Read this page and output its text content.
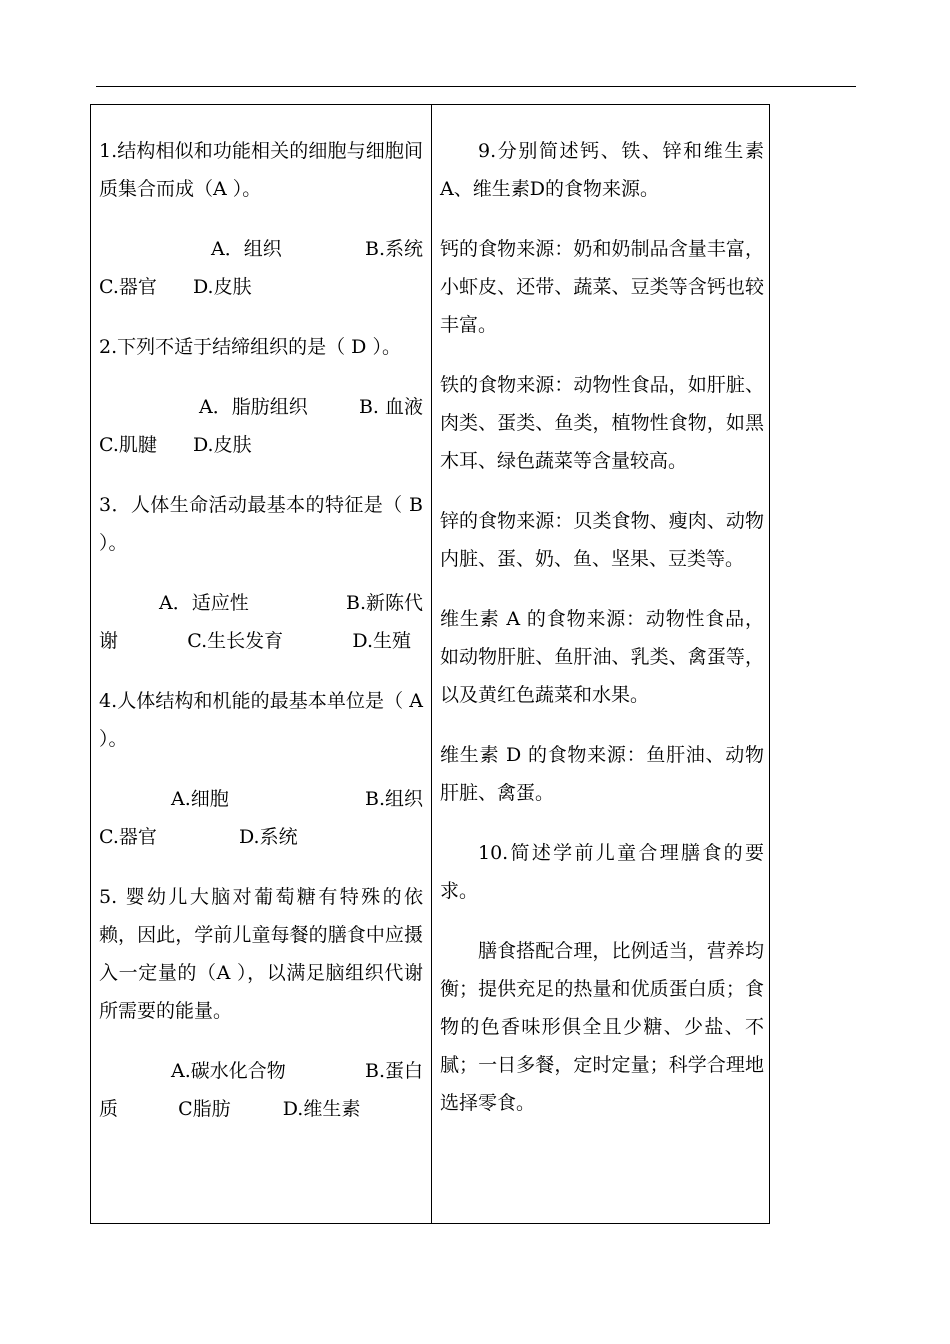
1.结构相似和功能相关的细胞与细胞间质集合而成（A ）。

A．组织	B.系统
C.器官 D.皮肤

2.下列不适于结缔组织的是（ D ）。

A．脂肪组织	B. 血液
C.肌腱 D.皮肤

3．人体生命活动最基本的特征是（ B ）。

A．适应性	B.新陈代
谢	C.生长发育	D.生殖

4.人体结构和机能的最基本单位是（ A ）。

A.细胞	B.组织
C.器官	D.系统

5. 婴幼儿大脑对葡萄糖有特殊的依赖，因此，学前儿童每餐的膳食中应摄入一定量的（A ），以满足脑组织代谢所需要的能量。

A.碳水化合物	B.蛋白
质	C脂肪	D.维生素

9.分别简述钙、铁、锌和维生素A、维生素D的食物来源。

钙的食物来源：奶和奶制品含量丰富，小虾皮、还带、蔬菜、豆类等含钙也较丰富。

铁的食物来源：动物性食品，如肝脏、肉类、蛋类、鱼类，植物性食物，如黑木耳、绿色蔬菜等含量较高。

锌的食物来源：贝类食物、瘦肉、动物内脏、蛋、奶、鱼、坚果、豆类等。

维生素 A 的食物来源：动物性食品，如动物肝脏、鱼肝油、乳类、禽蛋等，以及黄红色蔬菜和水果。

维生素 D 的食物来源：鱼肝油、动物肝脏、禽蛋。

10.简述学前儿童合理膳食的要求。

膳食搭配合理，比例适当，营养均衡；提供充足的热量和优质蛋白质；食物的色香味形俱全且少糖、少盐、不腻；一日多餐，定时定量；科学合理地选择零食。
